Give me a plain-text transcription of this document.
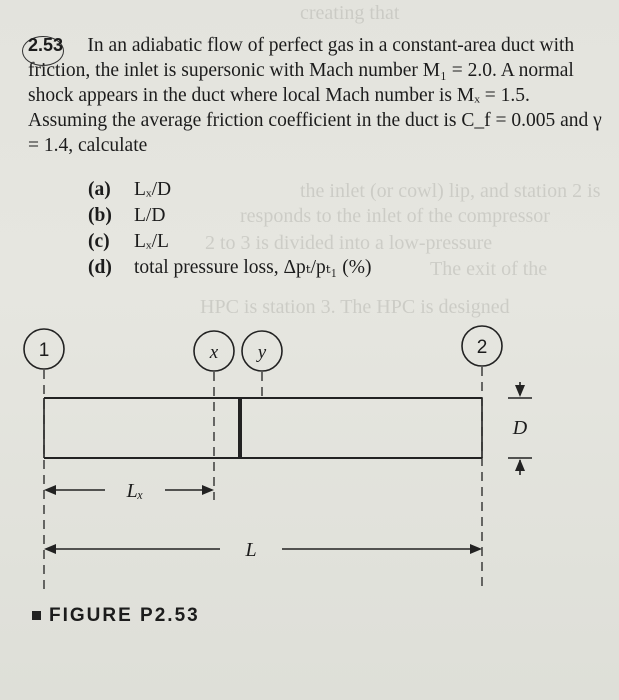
creating that
the inlet (or cowl) lip, and station 2 is
responds to the inlet of the compressor
2 to 3 is divided into a low-pressure
The exit of the
HPC is station 3. The HPC is designed
2.53 In an adiabatic flow of perfect gas in a constant-area duct with friction, the inlet is supersonic with Mach number M₁ = 2.0. A normal shock appears in the duct where local Mach number is Mₓ = 1.5. Assuming the average friction coefficient in the duct is C_f = 0.005 and γ = 1.4, calculate
(a)	Lₓ/D
(b)	L/D
(c)	Lₓ/L
(d)	total pressure loss, Δpₜ/pₜ₁ (%)
1	x y	2
Lₓ
L
D
FIGURE P2.53
